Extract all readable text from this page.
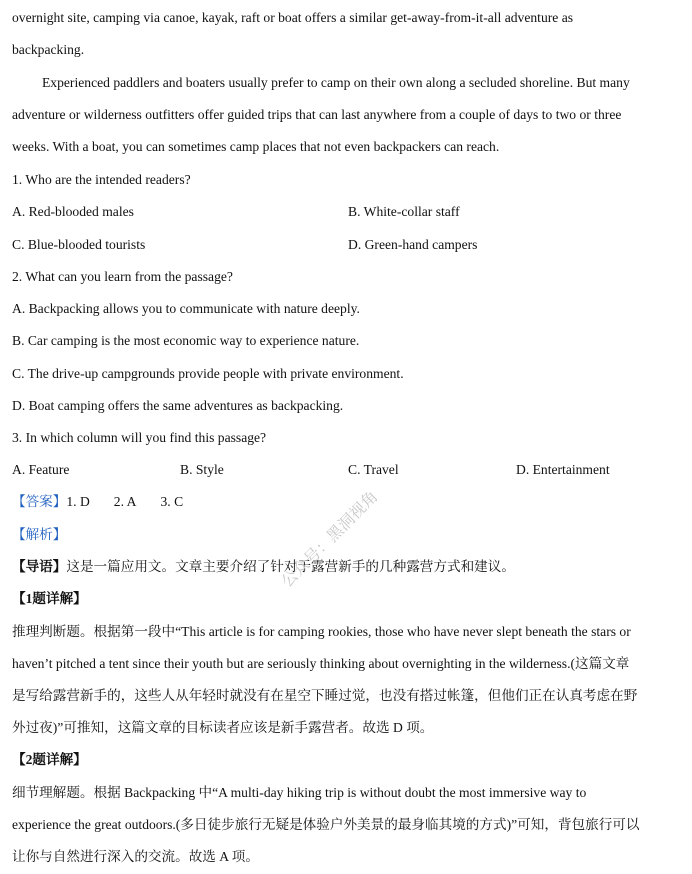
overnight site, camping via canoe, kayak, raft or boat offers a similar get-away-from-it-all adventure as
backpacking.
Experienced paddlers and boaters usually prefer to camp on their own along a secluded shoreline. But many
adventure or wilderness outfitters offer guided trips that can last anywhere from a couple of days to two or three
weeks. With a boat, you can sometimes camp places that not even backpackers can reach.
1. Who are the intended readers?
A. Red-blooded males	B. White-collar staff
C. Blue-blooded tourists	D. Green-hand campers
2. What can you learn from the passage?
A. Backpacking allows you to communicate with nature deeply.
B. Car camping is the most economic way to experience nature.
C. The drive-up campgrounds provide people with private environment.
D. Boat camping offers the same adventures as backpacking.
3. In which column will you find this passage?
A. Feature	B. Style	C. Travel	D. Entertainment
【答案】1. D 2. A 3. C
【解析】
【导语】这是一篇应用文。文章主要介绍了针对于露营新手的几种露营方式和建议。
【1题详解】
推理判断题。根据第一段中“This article is for camping rookies, those who have never slept beneath the stars or
haven’t pitched a tent since their youth but are seriously thinking about overnighting in the wilderness.(这篇文章
是写给露营新手的，这些人从年轻时就没有在星空下睡过觉，也没有搭过帐篷，但他们正在认真考虑在野
外过夜)”可推知，这篇文章的目标读者应该是新手露营者。故选 D 项。
【2题详解】
细节理解题。根据 Backpacking 中“A multi-day hiking trip is without doubt the most immersive way to
experience the great outdoors.(多日徒步旅行无疑是体验户外美景的最身临其境的方式)”可知，背包旅行可以
让你与自然进行深入的交流。故选 A 项。
公众号：黑洞视角
